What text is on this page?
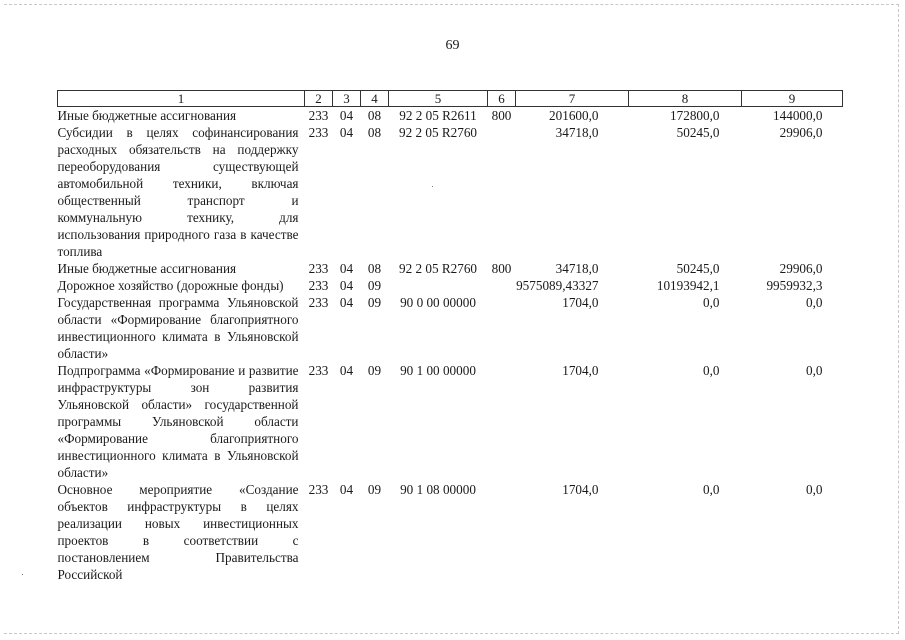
69
1	2	3	4	5	6	7	8	9
Иные бюджетные ассигнования	233	04	08	92 2 05 R2611	800	201600,0	172800,0	144000,0
Субсидии в целях софинансирования расходных обязательств на поддержку переоборудования существующей автомобильной техники, включая общественный транспорт и коммунальную технику, для использования природного газа в качестве топлива	233	04	08	92 2 05 R2760		34718,0	50245,0	29906,0
Иные бюджетные ассигнования	233	04	08	92 2 05 R2760	800	34718,0	50245,0	29906,0
Дорожное хозяйство (дорожные фонды)	233	04	09			9575089,43327	10193942,1	9959932,3
Государственная программа Ульяновской области «Формирование благоприятного инвестиционного климата в Ульяновской области»	233	04	09	90 0 00 00000		1704,0	0,0	0,0
Подпрограмма «Формирование и развитие инфраструктуры зон развития Ульяновской области» государственной программы Ульяновской области «Формирование благоприятного инвестиционного климата в Ульяновской области»	233	04	09	90 1 00 00000		1704,0	0,0	0,0
Основное мероприятие «Создание объектов инфраструктуры в целях реализации новых инвестиционных проектов в соответствии с постановлением Правительства Российской	233	04	09	90 1 08 00000		1704,0	0,0	0,0
